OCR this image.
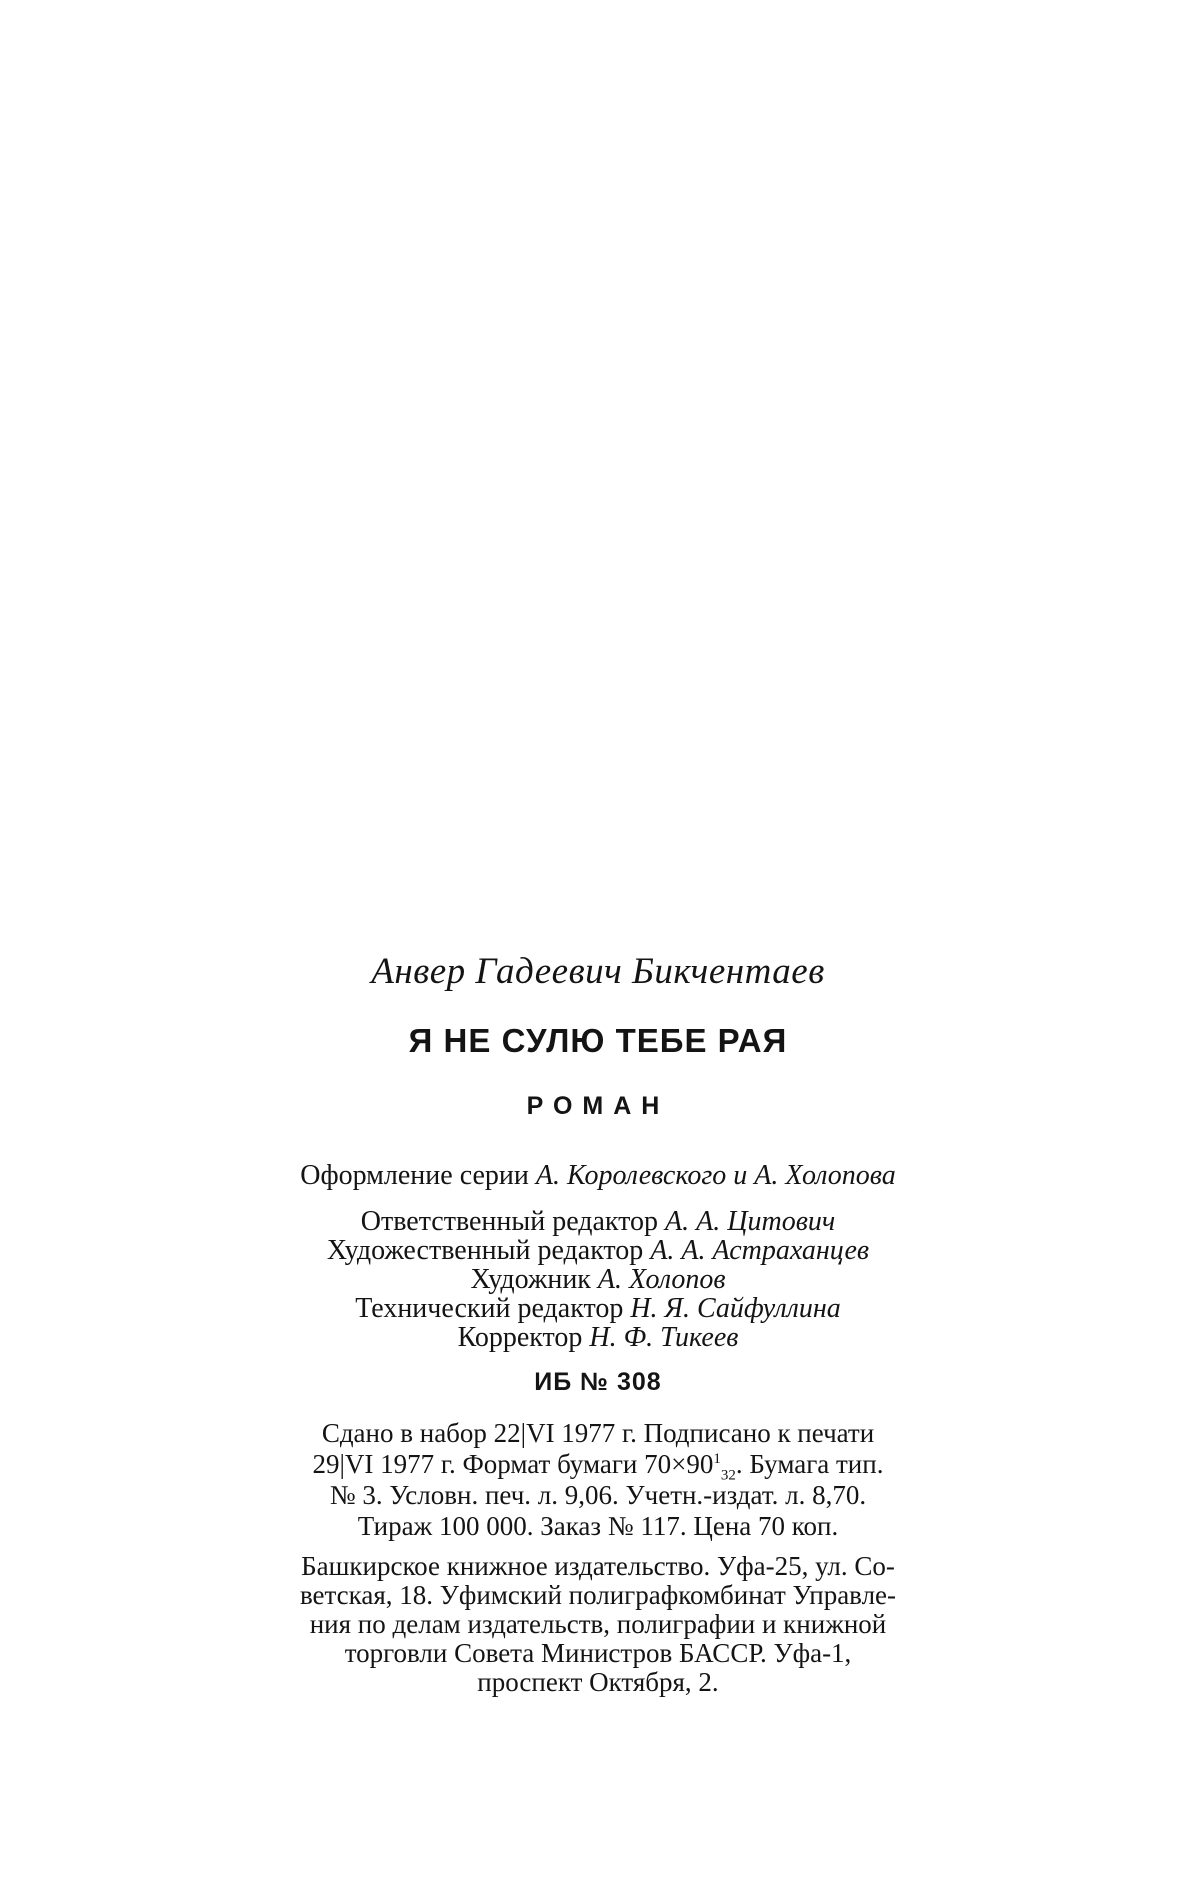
Анвер Гадеевич Бикчентаев
Я НЕ СУЛЮ ТЕБЕ РАЯ
РОМАН
Оформление серии А. Королевского и А. Холопова
Ответственный редактор А. А. Цитович
Художественный редактор А. А. Астраханцев
Художник А. Холопов
Технический редактор Н. Я. Сайфуллина
Корректор Н. Ф. Тикеев
ИБ № 308
Сдано в набор 22|VI 1977 г. Подписано к печати
29|VI 1977 г. Формат бумаги $70\times 90^1_{32}$. Бумага тип.
№ 3. Условн. печ. л. 9,06. Учетн.-издат. л. 8,70.
Тираж 100 000. Заказ № 117. Цена 70 коп.
Башкирское книжное издательство. Уфа-25, ул. Со-
ветская, 18. Уфимский полиграфкомбинат Управле-
ния по делам издательств, полиграфии и книжной
торговли Совета Министров БАССР. Уфа-1,
проспект Октября, 2.
